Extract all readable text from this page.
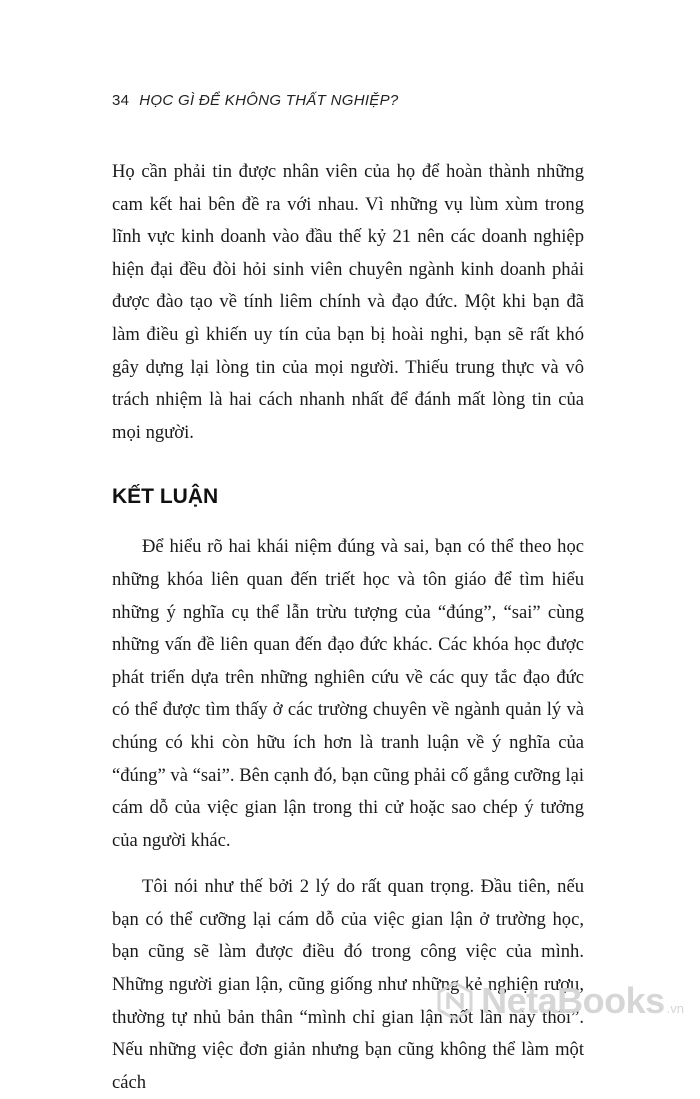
34 HỌC GÌ ĐỂ KHÔNG THẤT NGHIỆP?

Họ cần phải tin được nhân viên của họ để hoàn thành những cam kết hai bên đề ra với nhau. Vì những vụ lùm xùm trong lĩnh vực kinh doanh vào đầu thế kỷ 21 nên các doanh nghiệp hiện đại đều đòi hỏi sinh viên chuyên ngành kinh doanh phải được đào tạo về tính liêm chính và đạo đức. Một khi bạn đã làm điều gì khiến uy tín của bạn bị hoài nghi, bạn sẽ rất khó gây dựng lại lòng tin của mọi người. Thiếu trung thực và vô trách nhiệm là hai cách nhanh nhất để đánh mất lòng tin của mọi người.

KẾT LUẬN

Để hiểu rõ hai khái niệm đúng và sai, bạn có thể theo học những khóa liên quan đến triết học và tôn giáo để tìm hiểu những ý nghĩa cụ thể lẫn trừu tượng của “đúng”, “sai” cùng những vấn đề liên quan đến đạo đức khác. Các khóa học được phát triển dựa trên những nghiên cứu về các quy tắc đạo đức có thể được tìm thấy ở các trường chuyên về ngành quản lý và chúng có khi còn hữu ích hơn là tranh luận về ý nghĩa của “đúng” và “sai”. Bên cạnh đó, bạn cũng phải cố gắng cưỡng lại cám dỗ của việc gian lận trong thi cử hoặc sao chép ý tưởng của người khác.

Tôi nói như thế bởi 2 lý do rất quan trọng. Đầu tiên, nếu bạn có thể cưỡng lại cám dỗ của việc gian lận ở trường học, bạn cũng sẽ làm được điều đó trong công việc của mình. Những người gian lận, cũng giống như những kẻ nghiện rượu, thường tự nhủ bản thân “mình chỉ gian lận nốt lần này thôi”. Nếu những việc đơn giản nhưng bạn cũng không thể làm một cách

NetaBooks .vn
